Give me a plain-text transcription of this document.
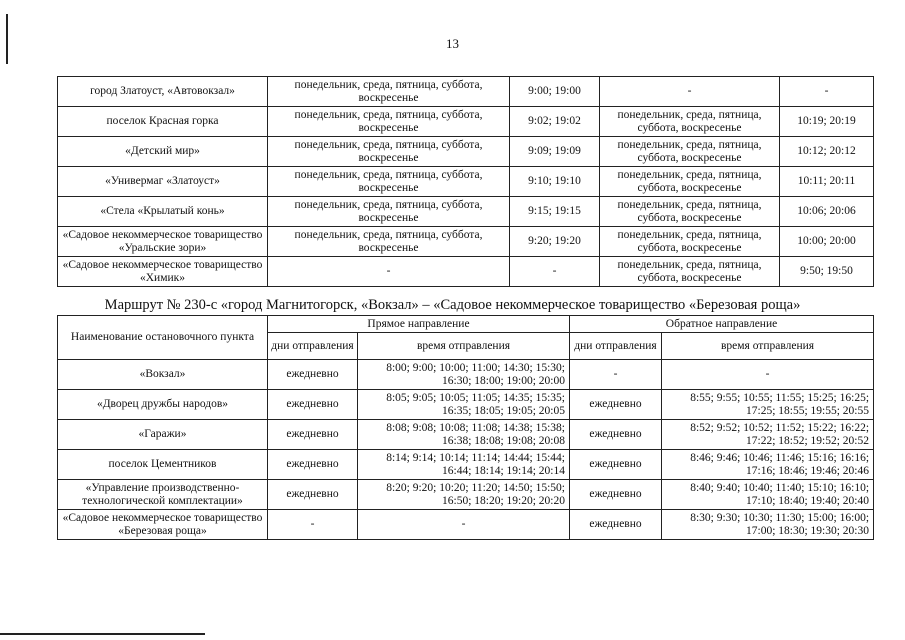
13
город Златоуст, «Автовокзал»	понедельник, среда, пятница, суббота, воскресенье	9:00; 19:00	-	-
поселок Красная горка	понедельник, среда, пятница, суббота, воскресенье	9:02; 19:02	понедельник, среда, пятница, суббота, воскресенье	10:19; 20:19
«Детский мир»	понедельник, среда, пятница, суббота, воскресенье	9:09; 19:09	понедельник, среда, пятница, суббота, воскресенье	10:12; 20:12
«Универмаг «Златоуст»	понедельник, среда, пятница, суббота, воскресенье	9:10; 19:10	понедельник, среда, пятница, суббота, воскресенье	10:11; 20:11
«Стела «Крылатый конь»	понедельник, среда, пятница, суббота, воскресенье	9:15; 19:15	понедельник, среда, пятница, суббота, воскресенье	10:06; 20:06
«Садовое некоммерческое товарищество «Уральские зори»	понедельник, среда, пятница, суббота, воскресенье	9:20; 19:20	понедельник, среда, пятница, суббота, воскресенье	10:00; 20:00
«Садовое некоммерческое товарищество «Химик»	-	-	понедельник, среда, пятница, суббота, воскресенье	9:50; 19:50
Маршрут № 230-с «город Магнитогорск, «Вокзал» – «Садовое некоммерческое товарищество «Березовая роща»
Наименование остановочного пункта	Прямое направление		Обратное направление	
	дни отправления	время отправления	дни отправления	время отправления
«Вокзал»	ежедневно	8:00; 9:00; 10:00; 11:00; 14:30; 15:30; 16:30; 18:00; 19:00; 20:00	-	-
«Дворец дружбы народов»	ежедневно	8:05; 9:05; 10:05; 11:05; 14:35; 15:35; 16:35; 18:05; 19:05; 20:05	ежедневно	8:55; 9:55; 10:55; 11:55; 15:25; 16:25; 17:25; 18:55; 19:55; 20:55
«Гаражи»	ежедневно	8:08; 9:08; 10:08; 11:08; 14:38; 15:38; 16:38; 18:08; 19:08; 20:08	ежедневно	8:52; 9:52; 10:52; 11:52; 15:22; 16:22; 17:22; 18:52; 19:52; 20:52
поселок Цементников	ежедневно	8:14; 9:14; 10:14; 11:14; 14:44; 15:44; 16:44; 18:14; 19:14; 20:14	ежедневно	8:46; 9:46; 10:46; 11:46; 15:16; 16:16; 17:16; 18:46; 19:46; 20:46
«Управление производственно-технологической комплектации»	ежедневно	8:20; 9:20; 10:20; 11:20; 14:50; 15:50; 16:50; 18:20; 19:20; 20:20	ежедневно	8:40; 9:40; 10:40; 11:40; 15:10; 16:10; 17:10; 18:40; 19:40; 20:40
«Садовое некоммерческое товарищество «Березовая роща»	-	-	ежедневно	8:30; 9:30; 10:30; 11:30; 15:00; 16:00; 17:00; 18:30; 19:30; 20:30
